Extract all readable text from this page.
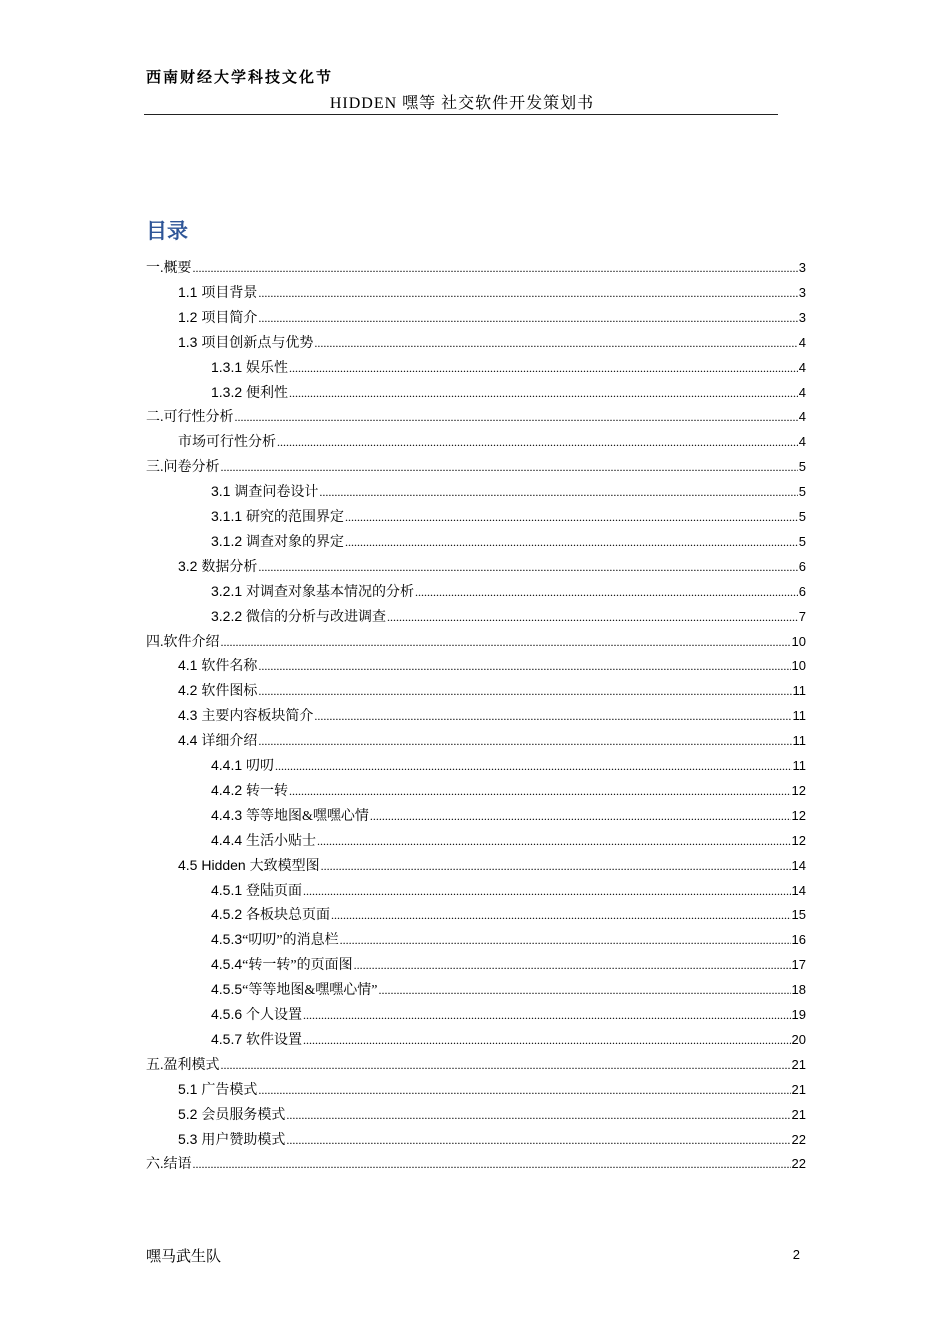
西南财经大学科技文化节
HIDDEN 嘿等 社交软件开发策划书
目录
一.概要 .....	3
1.1 项目背景 .....	3
1.2 项目简介 .....	3
1.3 项目创新点与优势 .....	4
1.3.1 娱乐性 .....	4
1.3.2 便利性 .....	4
二.可行性分析 .....	4
市场可行性分析 .....	4
三.问卷分析 .....	5
3.1 调查问卷设计 .....	5
3.1.1 研究的范围界定 .....	5
3.1.2 调查对象的界定 .....	5
3.2 数据分析 .....	6
3.2.1 对调查对象基本情况的分析 .....	6
3.2.2 微信的分析与改进调查 .....	7
四.软件介绍 .....	10
4.1 软件名称 .....	10
4.2 软件图标 .....	11
4.3 主要内容板块简介 .....	11
4.4 详细介绍 .....	11
4.4.1 叨叨 .....	11
4.4.2 转一转 .....	12
4.4.3 等等地图&嘿嘿心情 .....	12
4.4.4 生活小贴士 .....	12
4.5 Hidden 大致模型图 .....	14
4.5.1 登陆页面 .....	14
4.5.2 各板块总页面 .....	15
4.5.3“叨叨”的消息栏 .....	16
4.5.4“转一转”的页面图 .....	17
4.5.5“等等地图&嘿嘿心情” .....	18
4.5.6 个人设置 .....	19
4.5.7 软件设置 .....	20
五.盈利模式 .....	21
5.1 广告模式 .....	21
5.2 会员服务模式 .....	21
5.3 用户赞助模式 .....	22
六.结语 .....	22
嘿马武生队	2
